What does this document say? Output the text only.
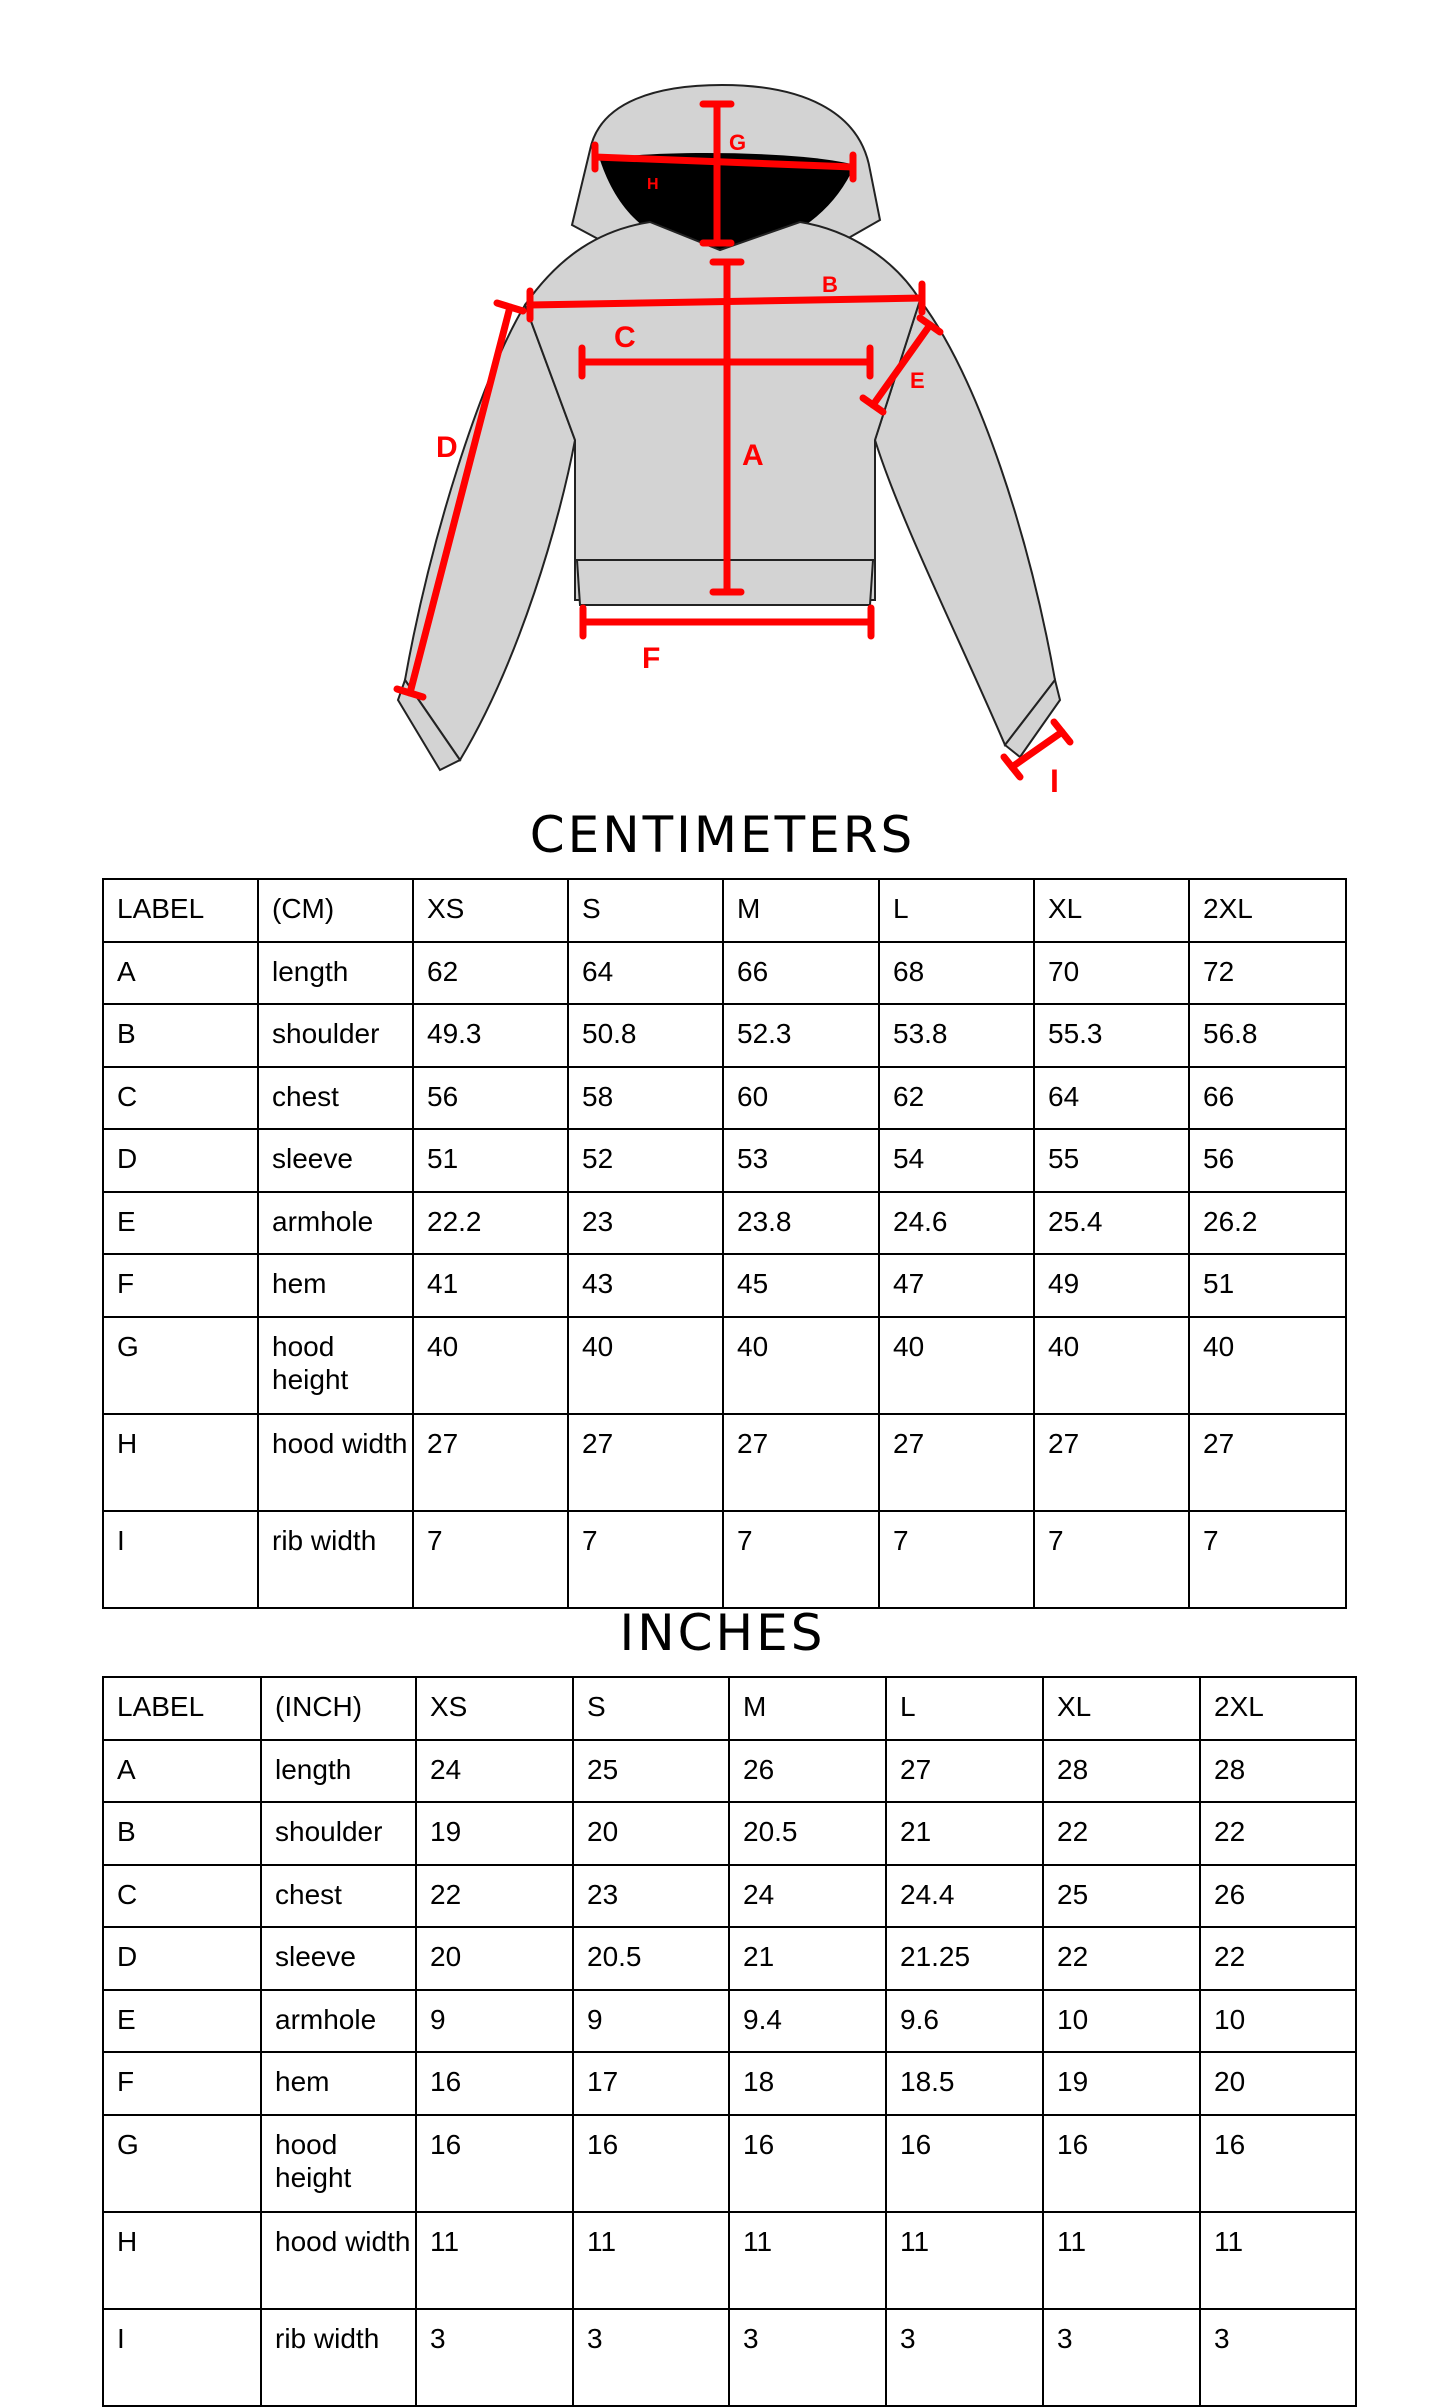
G
H
B
C
E
A
D
F
I
CENTIMETERS
LABEL	(CM)	XS	S	M	L	XL	2XL
A	length	62	64	66	68	70	72
B	shoulder	49.3	50.8	52.3	53.8	55.3	56.8
C	chest	56	58	60	62	64	66
D	sleeve	51	52	53	54	55	56
E	armhole	22.2	23	23.8	24.6	25.4	26.2
F	hem	41	43	45	47	49	51
G	hood height	40	40	40	40	40	40
H	hood width	27	27	27	27	27	27
I	rib width	7	7	7	7	7	7
INCHES
LABEL	(INCH)	XS	S	M	L	XL	2XL
A	length	24	25	26	27	28	28
B	shoulder	19	20	20.5	21	22	22
C	chest	22	23	24	24.4	25	26
D	sleeve	20	20.5	21	21.25	22	22
E	armhole	9	9	9.4	9.6	10	10
F	hem	16	17	18	18.5	19	20
G	hood height	16	16	16	16	16	16
H	hood width	11	11	11	11	11	11
I	rib width	3	3	3	3	3	3
